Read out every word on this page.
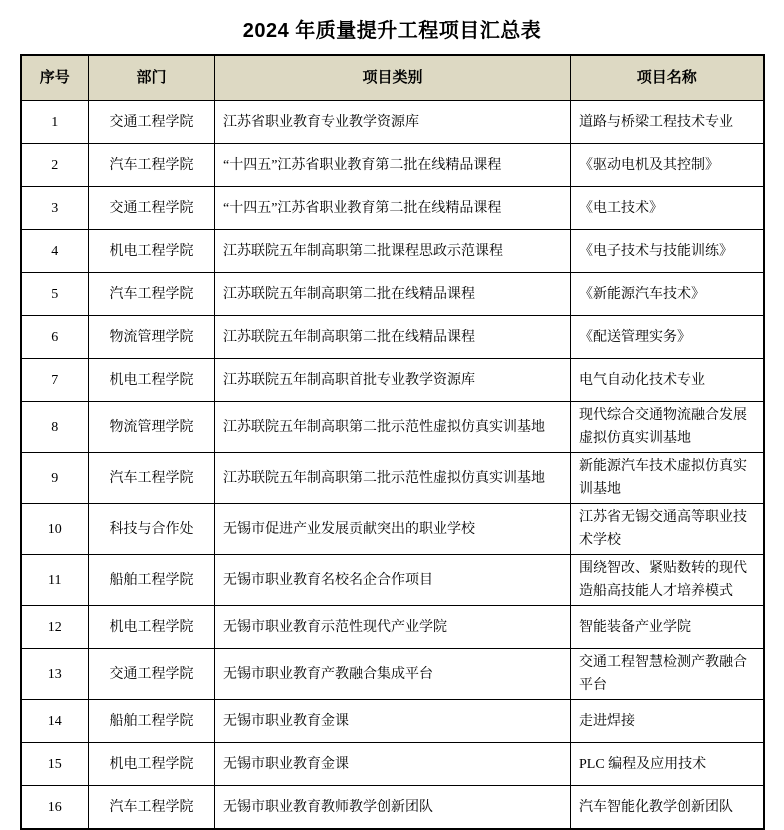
2024 年质量提升工程项目汇总表
序号	部门	项目类别	项目名称
1	交通工程学院	江苏省职业教育专业教学资源库	道路与桥梁工程技术专业
2	汽车工程学院	“十四五”江苏省职业教育第二批在线精品课程	《驱动电机及其控制》
3	交通工程学院	“十四五”江苏省职业教育第二批在线精品课程	《电工技术》
4	机电工程学院	江苏联院五年制高职第二批课程思政示范课程	《电子技术与技能训练》
5	汽车工程学院	江苏联院五年制高职第二批在线精品课程	《新能源汽车技术》
6	物流管理学院	江苏联院五年制高职第二批在线精品课程	《配送管理实务》
7	机电工程学院	江苏联院五年制高职首批专业教学资源库	电气自动化技术专业
8	物流管理学院	江苏联院五年制高职第二批示范性虚拟仿真实训基地	现代综合交通物流融合发展虚拟仿真实训基地
9	汽车工程学院	江苏联院五年制高职第二批示范性虚拟仿真实训基地	新能源汽车技术虚拟仿真实训基地
10	科技与合作处	无锡市促进产业发展贡献突出的职业学校	江苏省无锡交通高等职业技术学校
11	船舶工程学院	无锡市职业教育名校名企合作项目	围绕智改、紧贴数转的现代造船高技能人才培养模式
12	机电工程学院	无锡市职业教育示范性现代产业学院	智能装备产业学院
13	交通工程学院	无锡市职业教育产教融合集成平台	交通工程智慧检测产教融合平台
14	船舶工程学院	无锡市职业教育金课	走进焊接
15	机电工程学院	无锡市职业教育金课	PLC 编程及应用技术
16	汽车工程学院	无锡市职业教育教师教学创新团队	汽车智能化教学创新团队
